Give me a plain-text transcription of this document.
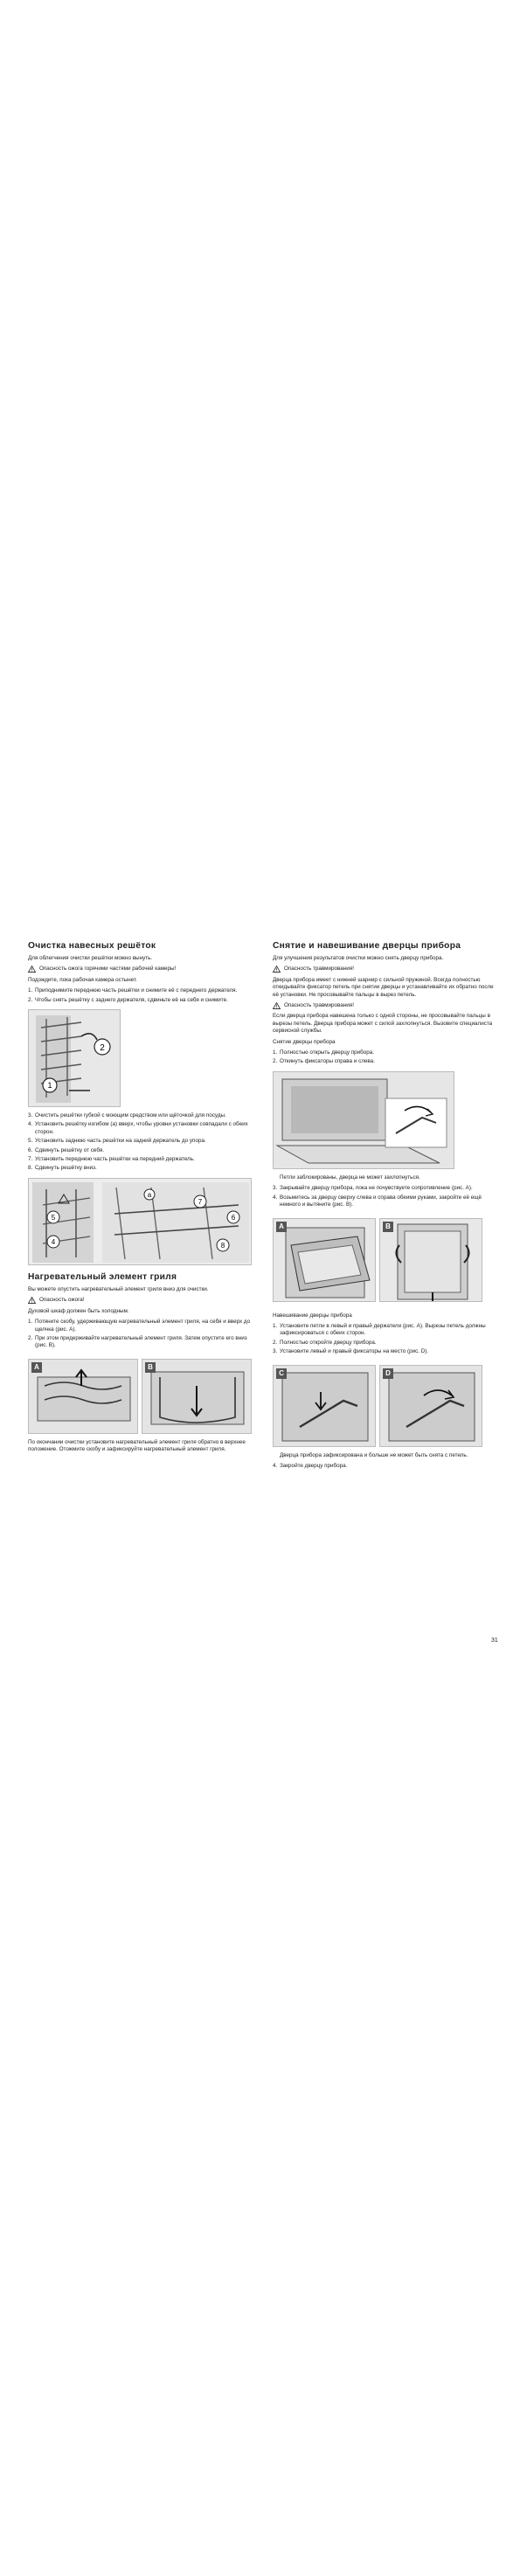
Очистка навесных решёток

Для облегчения очистки решётки можно вынуть.

Опасность ожога горячими частями рабочей камеры!

Подождите, пока рабочая камера остынет.

1. Приподнимите переднюю часть решётки и снимите её с переднего держателя.
2. Чтобы снять решётку с заднего держателя, сдвиньте её на себя и снимите.
1
2
3. Очистить решётки губкой с моющим средством или щёточкой для посуды.
4. Установить решётку изгибом (а) вверх, чтобы уровни установки совпадали с обеих сторон.
5. Установить заднюю часть решётки на задний держатель до упора.
6. Сдвинуть решётку от себя.
7. Установить переднюю часть решётки на передний держатель.
8. Сдвинуть решётку вниз.
5
4
a
7
6
8
Нагревательный элемент гриля

Вы можете опустить нагревательный элемент гриля вниз для очистки.

Опасность ожога!

Духовой шкаф должен быть холодным.

1. Потяните скобу, удерживающую нагревательный элемент гриля, на себя и вверх до щелчка (рис. A).
2. При этом придерживайте нагревательный элемент гриля. Затем опустите его вниз (рис. B).
A	B

По окончании очистки установите нагревательный элемент гриля обратно в верхнее положение. Отожмите скобу и зафиксируйте нагревательный элемент гриля.

Снятие и навешивание дверцы прибора

Для улучшения результатов очистки можно снять дверцу прибора.

Опасность травмирования!

Дверца прибора имеет с нижней шарнир с сильной пружиной. Всегда полностью откидывайте фиксатор петель при снятии дверцы и устанавливайте их обратно после её установки. Не просовывайте пальцы в вырез петель.

Опасность травмирования!

Если дверца прибора навешена только с одной стороны, не просовывайте пальцы в вырезы петель. Дверца прибора может с силой захлопнуться. Вызовите специалиста сервисной службы.

Снятие дверцы прибора

1. Полностью открыть дверцу прибора.
2. Откинуть фиксаторы справа и слева.

Петли заблокированы, дверца не может захлопнуться.

3. Закрывайте дверцу прибора, пока не почувствуете сопротивление (рис. A).
4. Возьмитесь за дверцу сверху слева и справа обеими руками, закройте её ещё немного и вытяните (рис. B).
A	B

Навешивание дверцы прибора

1. Установите петли в левый и правый держатели (рис. A). Вырезы петель должны зафиксироваться с обеих сторон.
2. Полностью откройте дверцу прибора.
3. Установите левый и правый фиксаторы на место (рис. D).
C	D

Дверца прибора зафиксирована и больше не может быть снята с петель.

4. Закройте дверцу прибора.
31
